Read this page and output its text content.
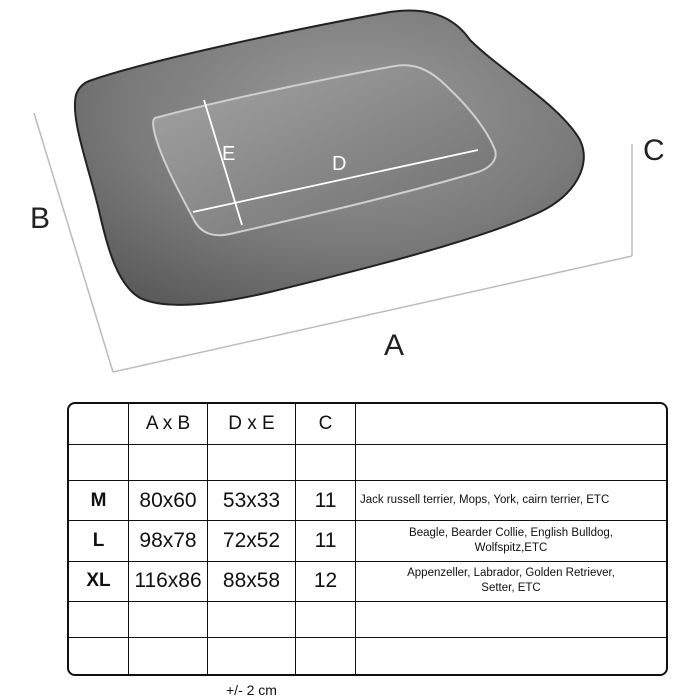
E	D
B
C
A
	A x B	D x E	C	

M	80x60	53x33	11	Jack russell terrier, Mops, York, cairn terrier, ETC

L	98x78	72x52	11	Beagle, Bearder Collie, English Bulldog,
Wolfspitz,ETC

XL	116x86	88x58	12	Appenzeller, Labrador, Golden Retriever,
Setter, ETC

+/- 2 cm
